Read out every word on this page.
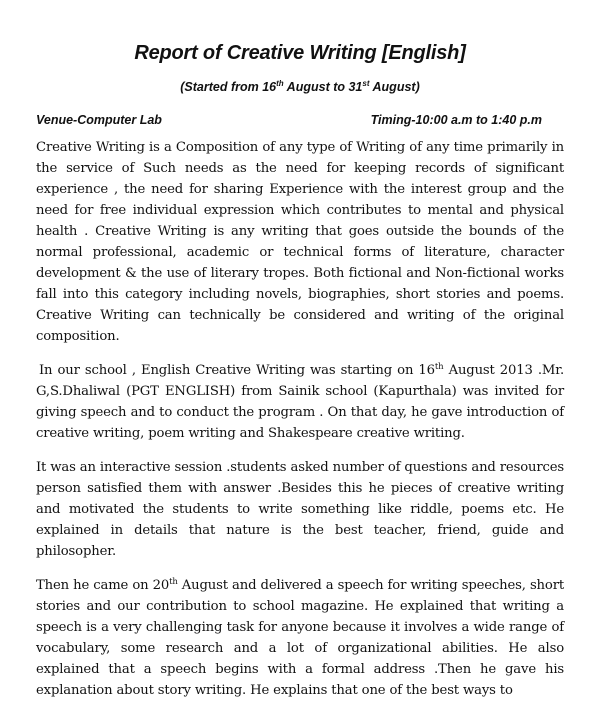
Report of Creative Writing [English]
(Started from 16th August to 31st August)
Venue-Computer Lab	Timing-10:00 a.m to 1:40 p.m

Creative Writing is a Composition of any type of Writing of any time primarily in the service of Such needs as the need for keeping records of significant experience , the need for sharing Experience with the interest group and the need for free individual expression which contributes to mental and physical health . Creative Writing is any writing that goes outside the bounds of the normal professional, academic or technical forms of literature, character development & the use of literary tropes. Both fictional and Non-fictional works fall into this category including novels, biographies, short stories and poems. Creative Writing can technically be considered and writing of the original composition.

In our school , English Creative Writing was starting on 16th August 2013 .Mr. G,S.Dhaliwal (PGT ENGLISH) from Sainik school (Kapurthala) was invited for giving speech and to conduct the program . On that day, he gave introduction of creative writing, poem writing and Shakespeare creative writing.

It was an interactive session .students asked number of questions and resources person satisfied them with answer .Besides this he pieces of creative writing and motivated the students to write something like riddle, poems etc. He explained in details that nature is the best teacher, friend, guide and philosopher.

Then he came on 20th August and delivered a speech for writing speeches, short stories and our contribution to school magazine. He explained that writing a speech is a very challenging task for anyone because it involves a wide range of vocabulary, some research and a lot of organizational abilities. He also explained that a speech begins with a formal address .Then he gave his explanation about story writing. He explains that one of the best ways to
